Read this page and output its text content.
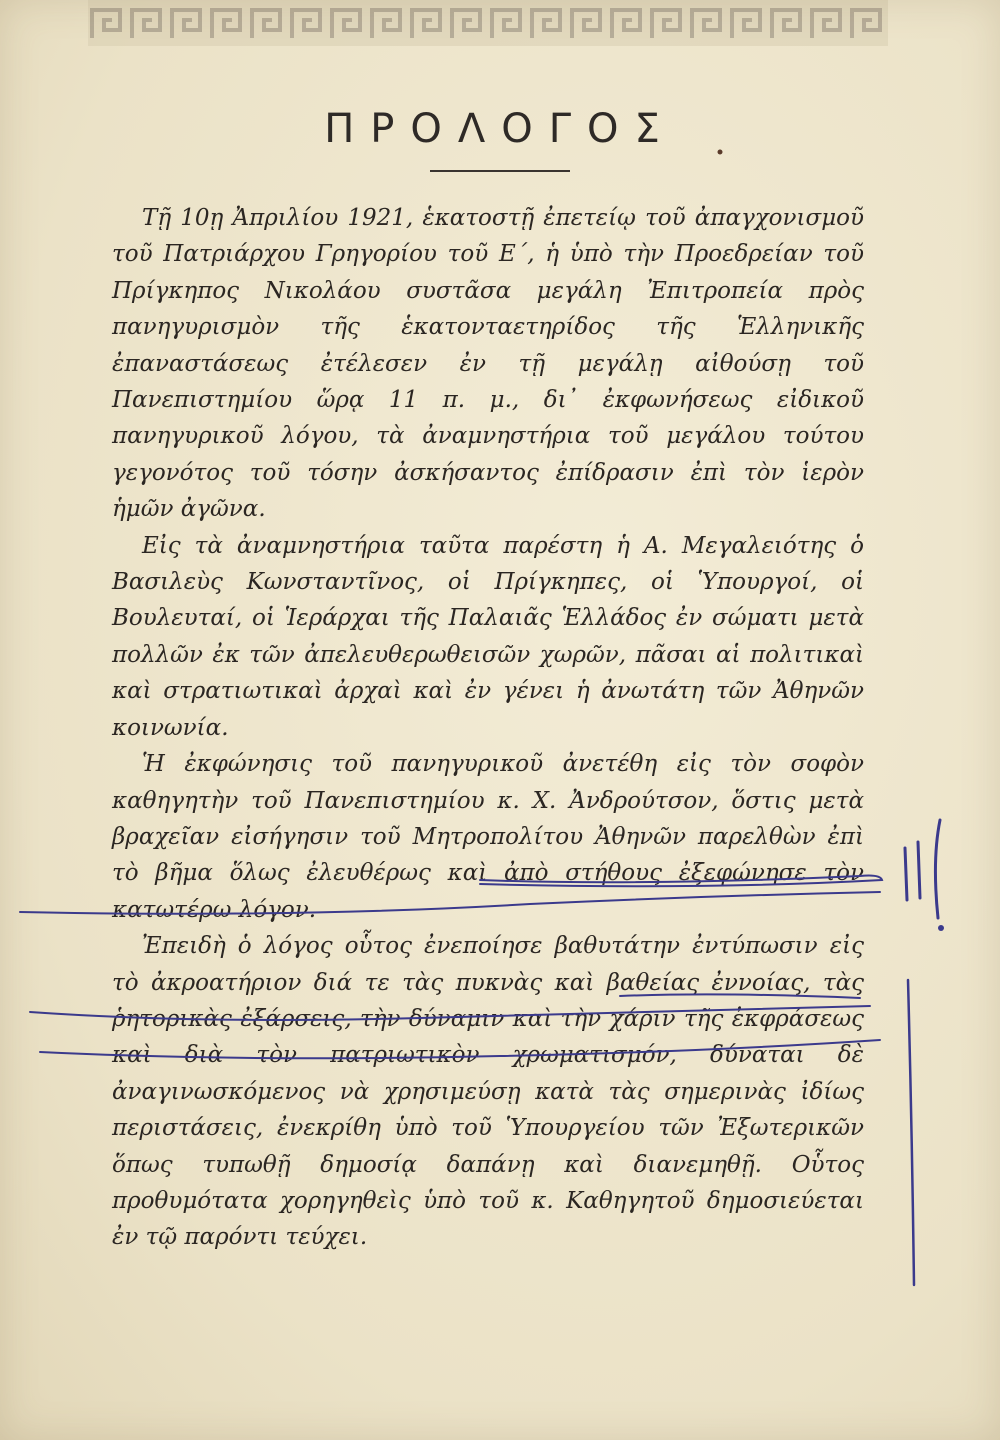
ΠΡΟΛΟΓΟΣ

Τῇ 10ῃ Ἀπριλίου 1921, ἑκατοστῇ ἐπετείῳ τοῦ ἀπαγχονισμοῦ τοῦ Πατριάρχου Γρηγορίου τοῦ Ε΄, ἡ ὑπὸ τὴν Προεδρείαν τοῦ Πρίγκηπος Νικολάου συστᾶσα μεγάλη Ἐπιτροπεία πρὸς πανηγυρισμὸν τῆς ἑκατονταετηρίδος τῆς Ἑλληνικῆς ἐπαναστάσεως ἐτέλεσεν ἐν τῇ μεγάλῃ αἰθούσῃ τοῦ Πανεπιστημίου ὥρᾳ 11 π. μ., δι᾽ ἐκφωνήσεως εἰδικοῦ πανηγυρικοῦ λόγου, τὰ ἀναμνηστήρια τοῦ μεγάλου τούτου γεγονότος τοῦ τόσην ἀσκήσαντος ἐπίδρασιν ἐπὶ τὸν ἱερὸν ἡμῶν ἀγῶνα.

Εἰς τὰ ἀναμνηστήρια ταῦτα παρέστη ἡ Α. Μεγαλειότης ὁ Βασιλεὺς Κωνσταντῖνος, οἱ Πρίγκηπες, οἱ Ὑπουργοί, οἱ Βουλευταί, οἱ Ἱεράρχαι τῆς Παλαιᾶς Ἑλλάδος ἐν σώματι μετὰ πολλῶν ἐκ τῶν ἀπελευθερωθεισῶν χωρῶν, πᾶσαι αἱ πολιτικαὶ καὶ στρατιωτικαὶ ἀρχαὶ καὶ ἐν γένει ἡ ἀνωτάτη τῶν Ἀθηνῶν κοινωνία.

Ἡ ἐκφώνησις τοῦ πανηγυρικοῦ ἀνετέθη εἰς τὸν σοφὸν καθηγητὴν τοῦ Πανεπιστημίου κ. Χ. Ἀνδρούτσον, ὅστις μετὰ βραχεῖαν εἰσήγησιν τοῦ Μητροπολίτου Ἀθηνῶν παρελθὼν ἐπὶ τὸ βῆμα ὅλως ἐλευθέρως καὶ ἀπὸ στήθους ἐξεφώνησε τὸν κατωτέρω λόγον.

Ἐπειδὴ ὁ λόγος οὗτος ἐνεποίησε βαθυτάτην ἐντύπωσιν εἰς τὸ ἀκροατήριον διά τε τὰς πυκνὰς καὶ βαθείας ἐννοίας, τὰς ῥητορικὰς ἐξάρσεις, τὴν δύναμιν καὶ τὴν χάριν τῆς ἐκφράσεως καὶ διὰ τὸν πατριωτικὸν χρωματισμόν, δύναται δὲ ἀναγινωσκόμενος νὰ χρησιμεύσῃ κατὰ τὰς σημερινὰς ἰδίως περιστάσεις, ἐνεκρίθη ὑπὸ τοῦ Ὑπουργείου τῶν Ἐξωτερικῶν ὅπως τυπωθῇ δημοσίᾳ δαπάνῃ καὶ διανεμηθῇ. Οὗτος προθυμότατα χορηγηθεὶς ὑπὸ τοῦ κ. Καθηγητοῦ δημοσιεύεται ἐν τῷ παρόντι τεύχει.
